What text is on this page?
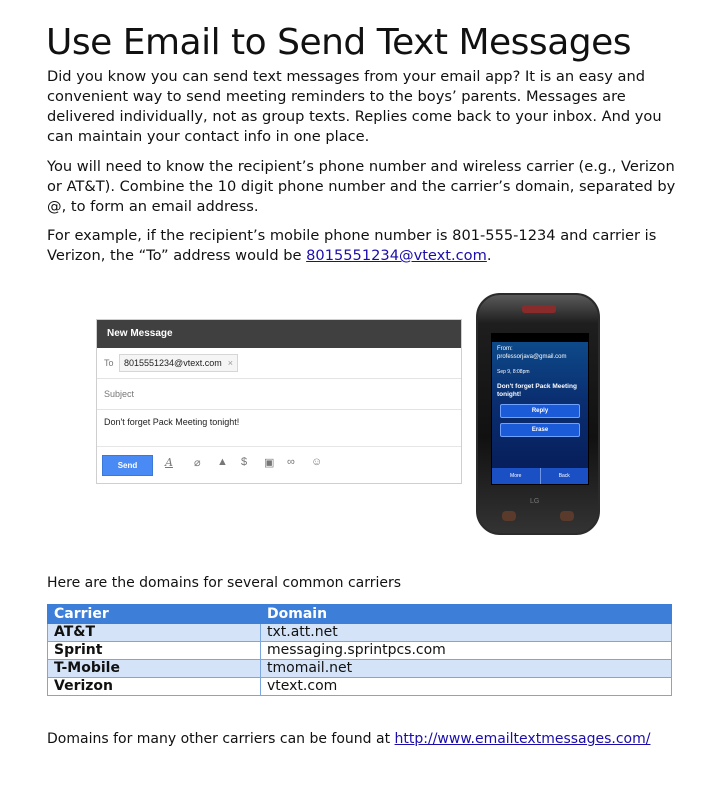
Use Email to Send Text Messages

Did you know you can send text messages from your email app? It is an easy and convenient way to send meeting reminders to the boys’ parents. Messages are delivered individually, not as group texts. Replies come back to your inbox. And you can maintain your contact info in one place.

You will need to know the recipient’s phone number and wireless carrier (e.g., Verizon or AT&T). Combine the 10 digit phone number and the carrier’s domain, separated by @, to form an email address.

For example, if the recipient’s mobile phone number is 801-555-1234 and carrier is Verizon, the “To” address would be 8015551234@vtext.com.

New Message
To	8015551234@vtext.com ×
Subject
Don't forget Pack Meeting tonight!
Send	A ⌀ ▲ $ ▣ ∞ ☺
From:
professorjava@gmail.com
Sep 9, 8:08pm
Don't forget Pack Meeting tonight!
Reply
Erase
More	Back
LG

Here are the domains for several common carriers

Carrier	Domain
AT&T	txt.att.net
Sprint	messaging.sprintpcs.com
T-Mobile	tmomail.net
Verizon	vtext.com

Domains for many other carriers can be found at http://www.emailtextmessages.com/
